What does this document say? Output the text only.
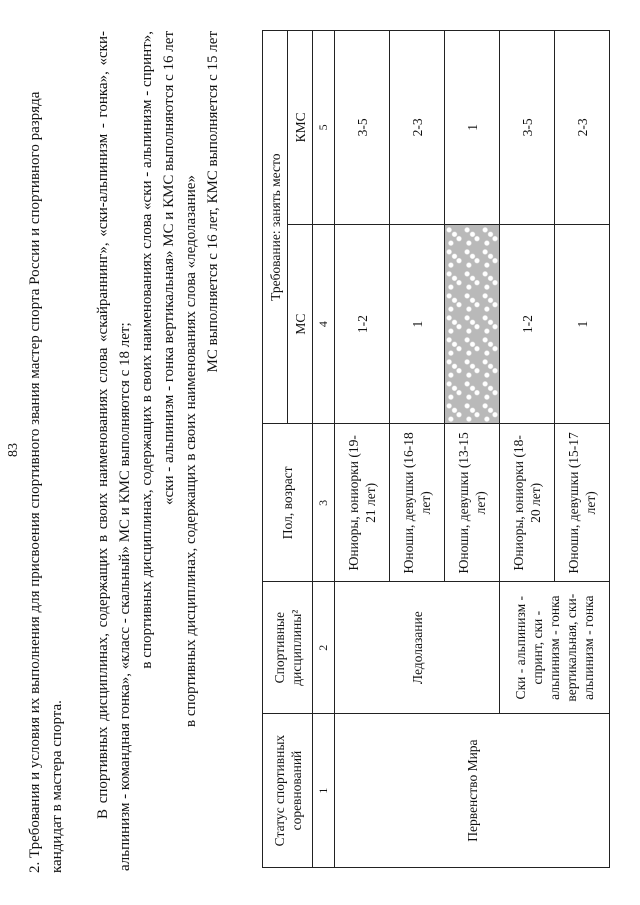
83 2. Требования и условия их выполнения для присвоения спортивного звания мастер спорта России и спортивного разряда кандидат в мастера спорта. В спортивных дисциплинах, содержащих в своих наименованиях слова «скайраннинг», «ски-альпинизм - гонка», «ски-альпинизм - командная гонка», «класс - скальный» МС и КМС выполняются с 18 лет; в спортивных дисциплинах, содержащих в своих наименованиях слова «ски - альпинизм - спринт», «ски - альпинизм - гонка вертикальная» МС и КМС выполняются с 16 лет в спортивных дисциплинах, содержащих в своих наименованиях слова «ледолазание» МС выполняется с 16 лет, КМС выполняется с 15 лет

Статус спортивных соревнований	Спортивные дисциплины²	Пол, возраст	Требование: занять место	
			МС	КМС
1	2	3	4	5
Первенство Мира	Ледолазание	Юниоры, юниорки (19-21 лет)	1-2	3-5
		Юноши, девушки (16-18 лет)	1	2-3
		Юноши, девушки (13-15 лет)		1
	Ски - альпинизм - спринт, ски - альпинизм - гонка вертикальная, ски-альпинизм - гонка	Юниоры, юниорки (18-20 лет)	1-2	3-5
		Юноши, девушки (15-17 лет)	1	2-3
